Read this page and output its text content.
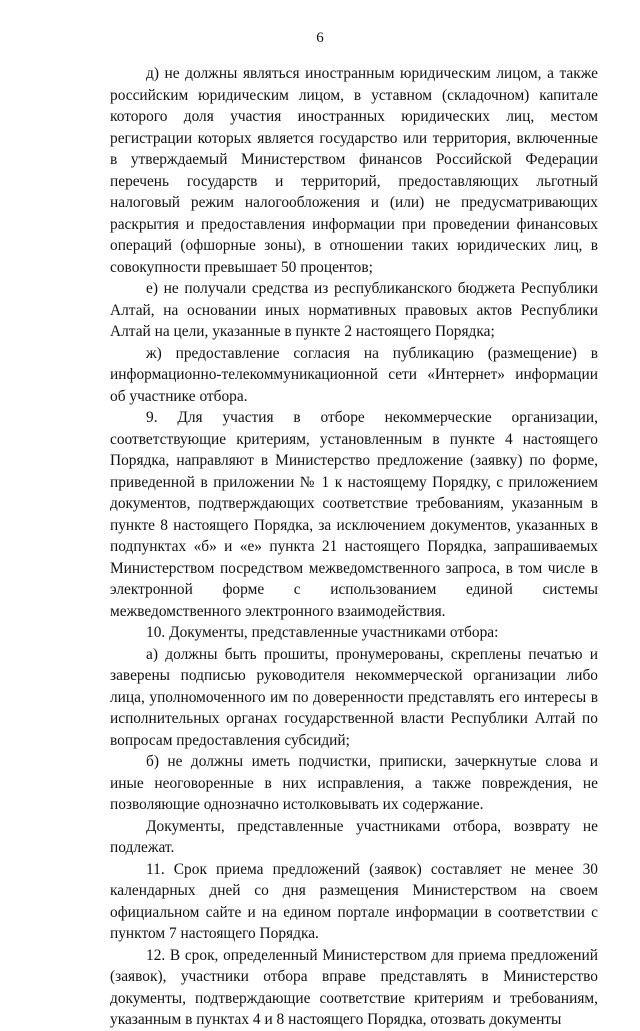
6

д) не должны являться иностранным юридическим лицом, а также российским юридическим лицом, в уставном (складочном) капитале которого доля участия иностранных юридических лиц, местом регистрации которых является государство или территория, включенные в утверждаемый Министерством финансов Российской Федерации перечень государств и территорий, предоставляющих льготный налоговый режим налогообложения и (или) не предусматривающих раскрытия и предоставления информации при проведении финансовых операций (офшорные зоны), в отношении таких юридических лиц, в совокупности превышает 50 процентов;

е) не получали средства из республиканского бюджета Республики Алтай, на основании иных нормативных правовых актов Республики Алтай на цели, указанные в пункте 2 настоящего Порядка;

ж) предоставление согласия на публикацию (размещение) в информационно-телекоммуникационной сети «Интернет» информации об участнике отбора.

9. Для участия в отборе некоммерческие организации, соответствующие критериям, установленным в пункте 4 настоящего Порядка, направляют в Министерство предложение (заявку) по форме, приведенной в приложении № 1 к настоящему Порядку, с приложением документов, подтверждающих соответствие требованиям, указанным в пункте 8 настоящего Порядка, за исключением документов, указанных в подпунктах «б» и «е» пункта 21 настоящего Порядка, запрашиваемых Министерством посредством межведомственного запроса, в том числе в электронной форме с использованием единой системы межведомственного электронного взаимодействия.

10. Документы, представленные участниками отбора:

а) должны быть прошиты, пронумерованы, скреплены печатью и заверены подписью руководителя некоммерческой организации либо лица, уполномоченного им по доверенности представлять его интересы в исполнительных органах государственной власти Республики Алтай по вопросам предоставления субсидий;

б) не должны иметь подчистки, приписки, зачеркнутые слова и иные неоговоренные в них исправления, а также повреждения, не позволяющие однозначно истолковывать их содержание.

Документы, представленные участниками отбора, возврату не подлежат.

11. Срок приема предложений (заявок) составляет не менее 30 календарных дней со дня размещения Министерством на своем официальном сайте и на едином портале информации в соответствии с пунктом 7 настоящего Порядка.

12. В срок, определенный Министерством для приема предложений (заявок), участники отбора вправе представлять в Министерство документы, подтверждающие соответствие критериям и требованиям, указанным в пунктах 4 и 8 настоящего Порядка, отозвать документы
